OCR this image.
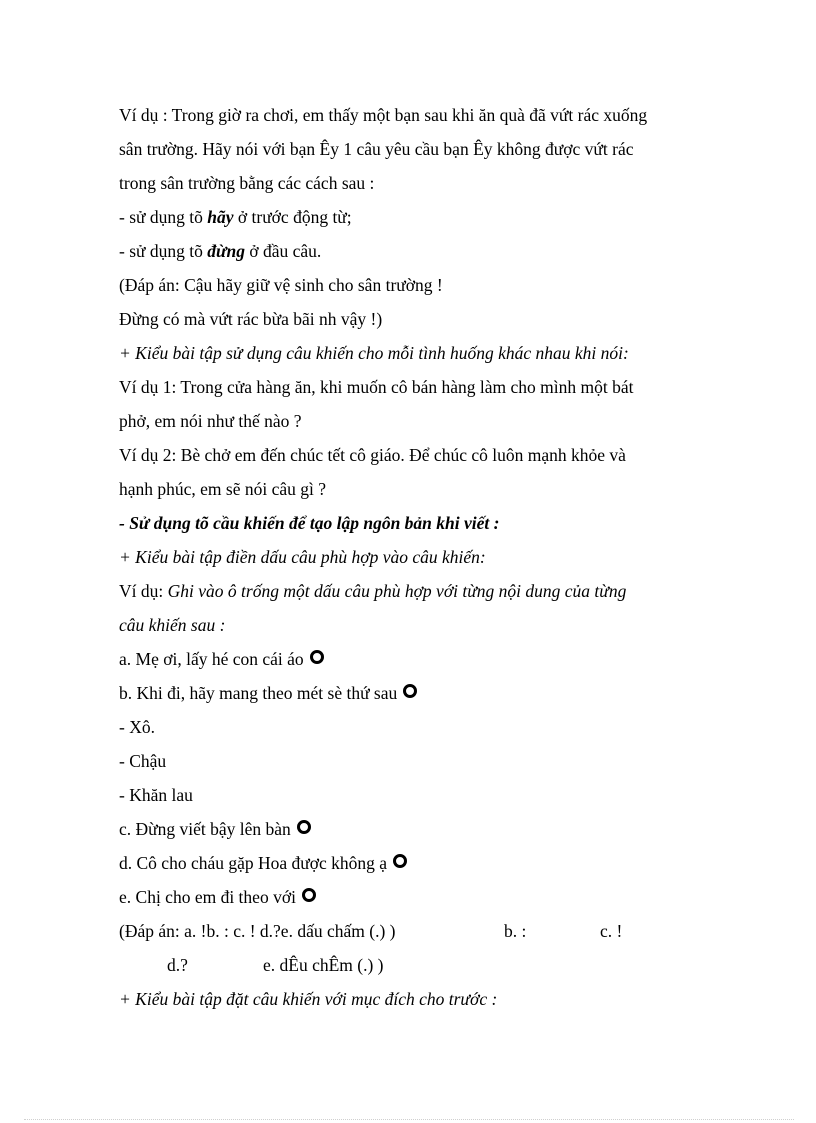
Ví dụ : Trong giờ ra chơi, em thấy một bạn sau khi ăn quà đã vứt rác xuống
sân trường. Hãy nói với bạn Êy 1 câu yêu cầu bạn Êy không được vứt rác
trong sân trường bằng các cách sau :
- sử dụng tõ hãy ở trước động từ;
- sử dụng tõ đừng ở đầu câu.
(Đáp án: Cậu hãy giữ vệ sinh cho sân trường !
Đừng có mà vứt rác bừa bãi nh vậy !)
+ Kiểu bài tập sử dụng câu khiến cho mỗi tình huống khác nhau khi nói:
Ví dụ 1: Trong cửa hàng ăn, khi muốn cô bán hàng làm cho mình một bát
phở, em nói như thế nào ?
Ví dụ 2: Bè chở em đến chúc tết cô giáo. Để chúc cô luôn mạnh khỏe và
hạnh phúc, em sẽ nói câu gì ?
- Sử dụng tõ cầu khiến để tạo lập ngôn bản khi viết :
+ Kiểu bài tập điền dấu câu phù hợp vào câu khiến:
Ví dụ: Ghi vào ô trống một dấu câu phù hợp với từng nội dung của từng
câu khiến sau :
a. Mẹ ơi, lấy hé con cái áo
b. Khi đi, hãy mang theo mét sè thứ sau
- Xô.
- Chậu
- Khăn lau
c. Đừng viết bậy lên bàn
d. Cô cho cháu gặp Hoa được không ạ
e. Chị cho em đi theo với
(Đáp án: a. !b. : c. ! d.?e. dấu chấm (.) )	b. :	c. !
d.?	e. dÊu chÊm (.) )
+ Kiểu bài tập đặt câu khiến với mục đích cho trước :
